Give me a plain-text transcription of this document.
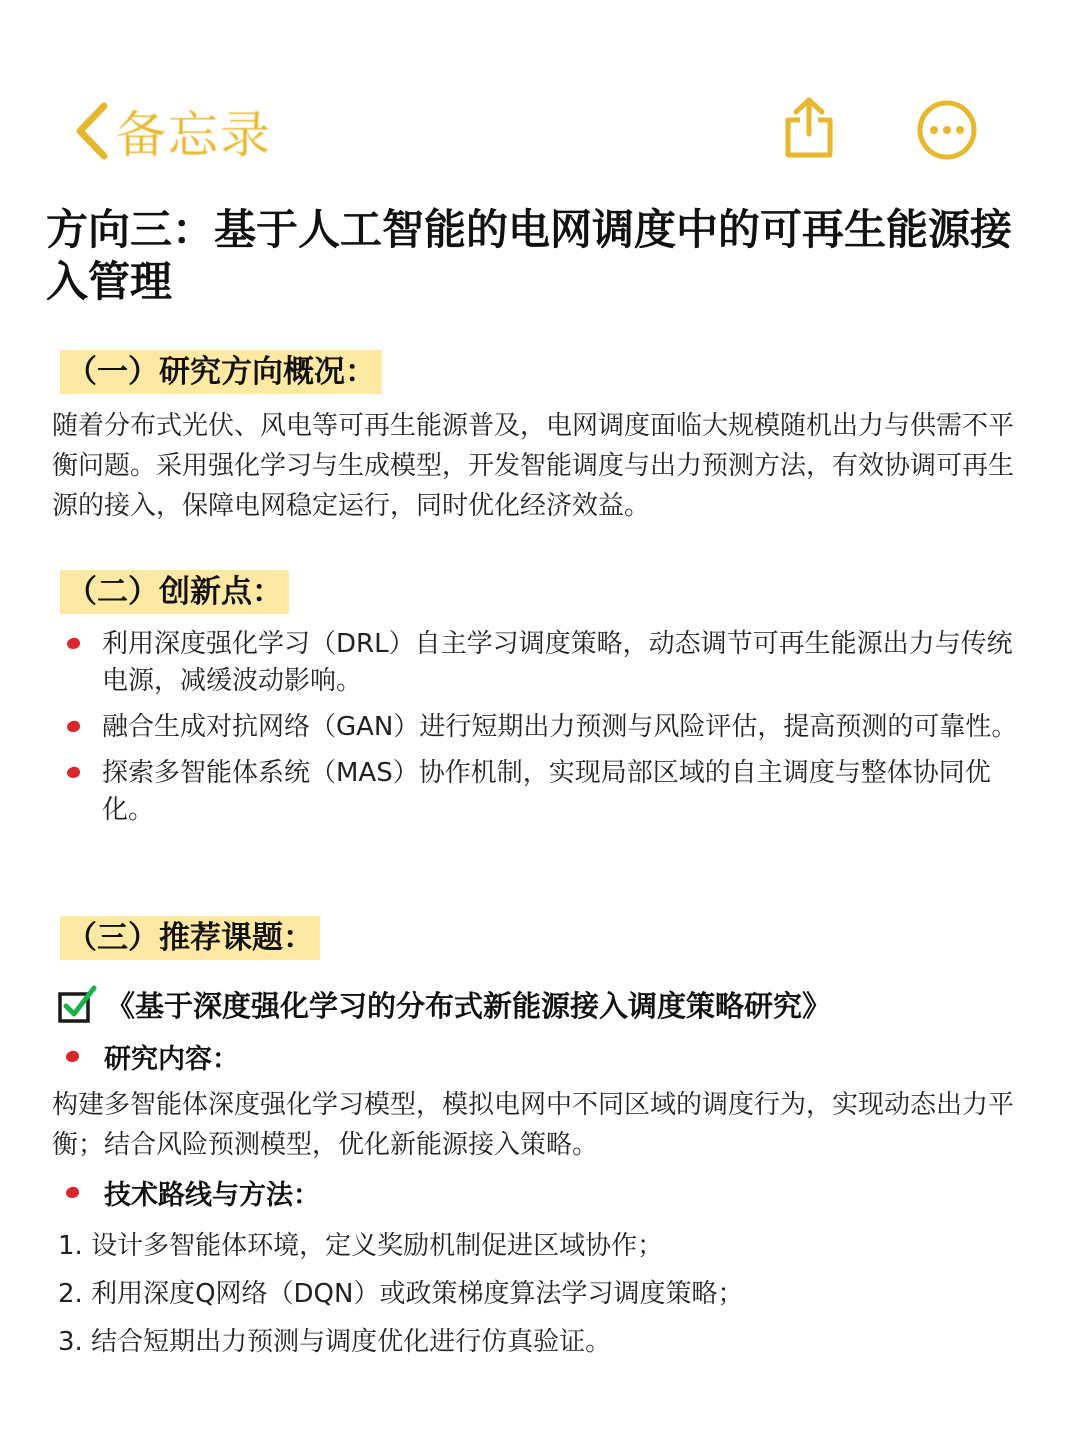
备忘录
方向三：基于人工智能的电网调度中的可再生能源接入管理
（一）研究方向概况：

随着分布式光伏、风电等可再生能源普及，电网调度面临大规模随机出力与供需不平衡问题。采用强化学习与生成模型，开发智能调度与出力预测方法，有效协调可再生源的接入，保障电网稳定运行，同时优化经济效益。

（二）创新点：
利用深度强化学习（DRL）自主学习调度策略，动态调节可再生能源出力与传统电源，减缓波动影响。
融合生成对抗网络（GAN）进行短期出力预测与风险评估，提高预测的可靠性。
探索多智能体系统（MAS）协作机制，实现局部区域的自主调度与整体协同优化。
（三）推荐课题：
《基于深度强化学习的分布式新能源接入调度策略研究》
研究内容：

构建多智能体深度强化学习模型，模拟电网中不同区域的调度行为，实现动态出力平衡；结合风险预测模型，优化新能源接入策略。

技术路线与方法：
1. 设计多智能体环境，定义奖励机制促进区域协作；
2. 利用深度Q网络（DQN）或政策梯度算法学习调度策略；
3. 结合短期出力预测与调度优化进行仿真验证。
